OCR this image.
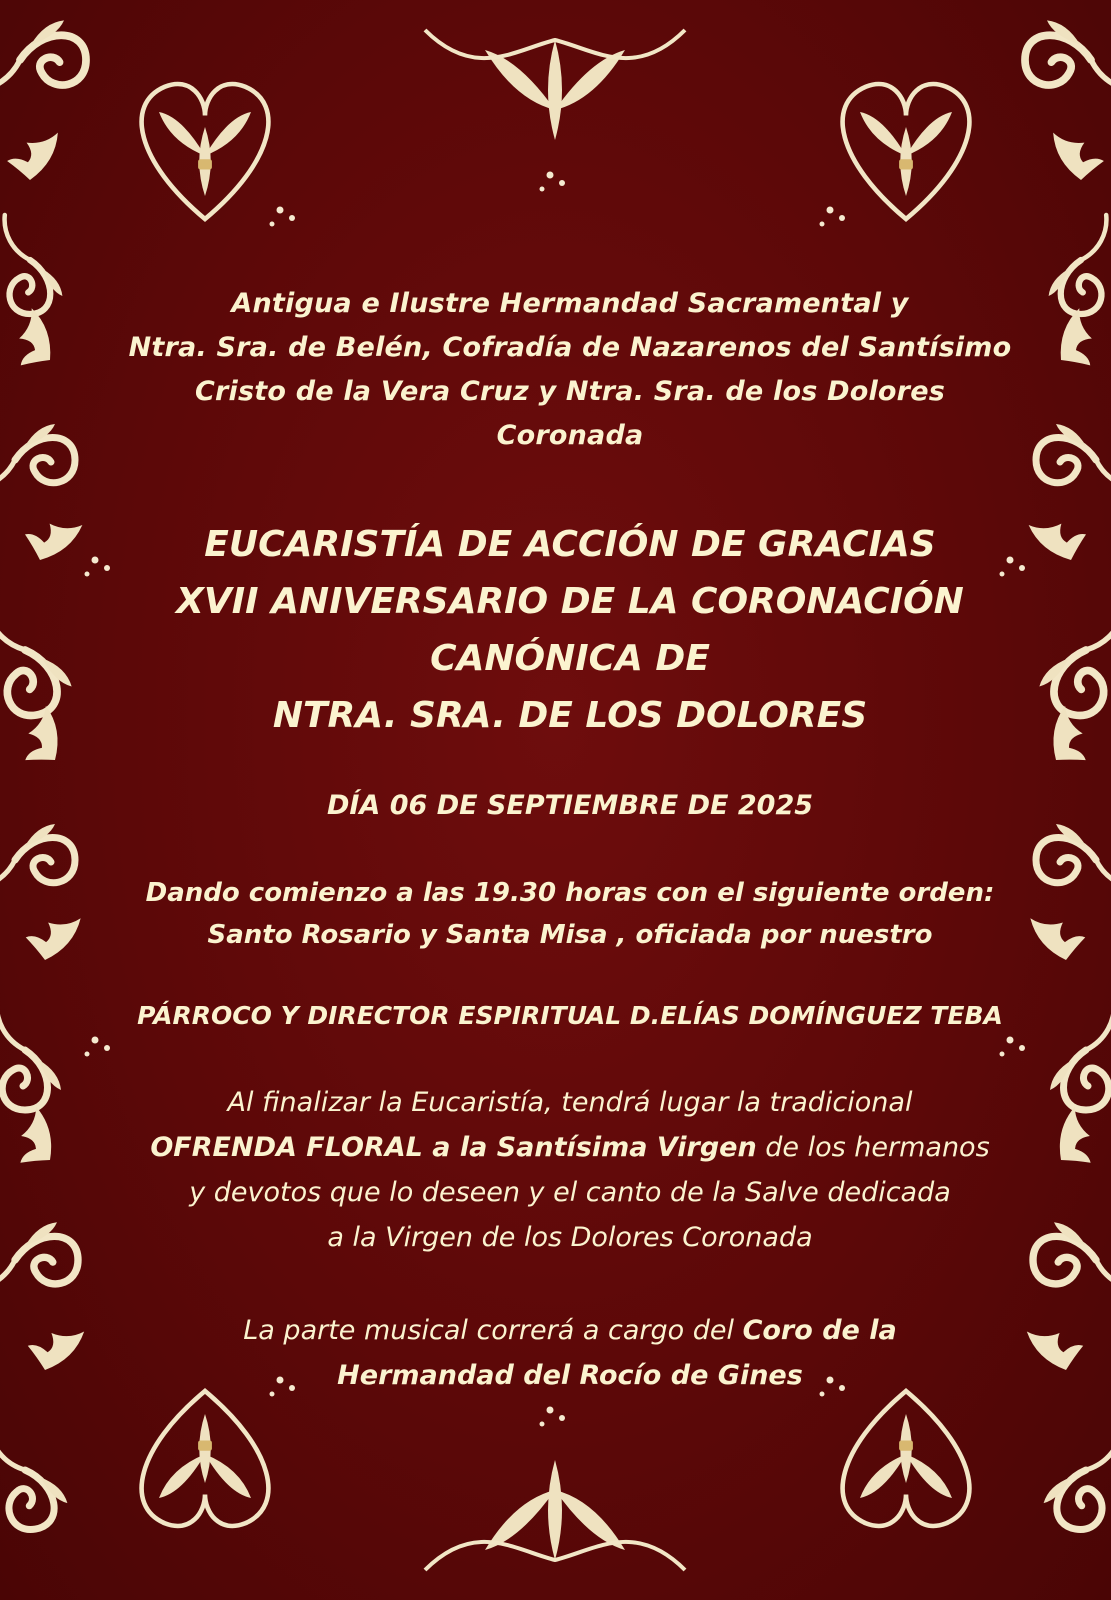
Antigua e Ilustre Hermandad Sacramental y
Ntra. Sra. de Belén, Cofradía de Nazarenos del Santísimo
Cristo de la Vera Cruz y Ntra. Sra. de los Dolores Coronada
EUCARISTÍA DE ACCIÓN DE GRACIAS
XVII ANIVERSARIO DE LA CORONACIÓN
CANÓNICA DE
NTRA. SRA. DE LOS DOLORES

DÍA 06 DE SEPTIEMBRE DE 2025

Dando comienzo a las 19.30 horas con el siguiente orden:
Santo Rosario y Santa Misa , oficiada por nuestro

PÁRROCO Y DIRECTOR ESPIRITUAL D.ELÍAS DOMÍNGUEZ TEBA

Al finalizar la Eucaristía, tendrá lugar la tradicional
OFRENDA FLORAL a la Santísima Virgen de los hermanos
y devotos que lo deseen y el canto de la Salve dedicada
a la Virgen de los Dolores Coronada

La parte musical correrá a cargo del Coro de la
Hermandad del Rocío de Gines
